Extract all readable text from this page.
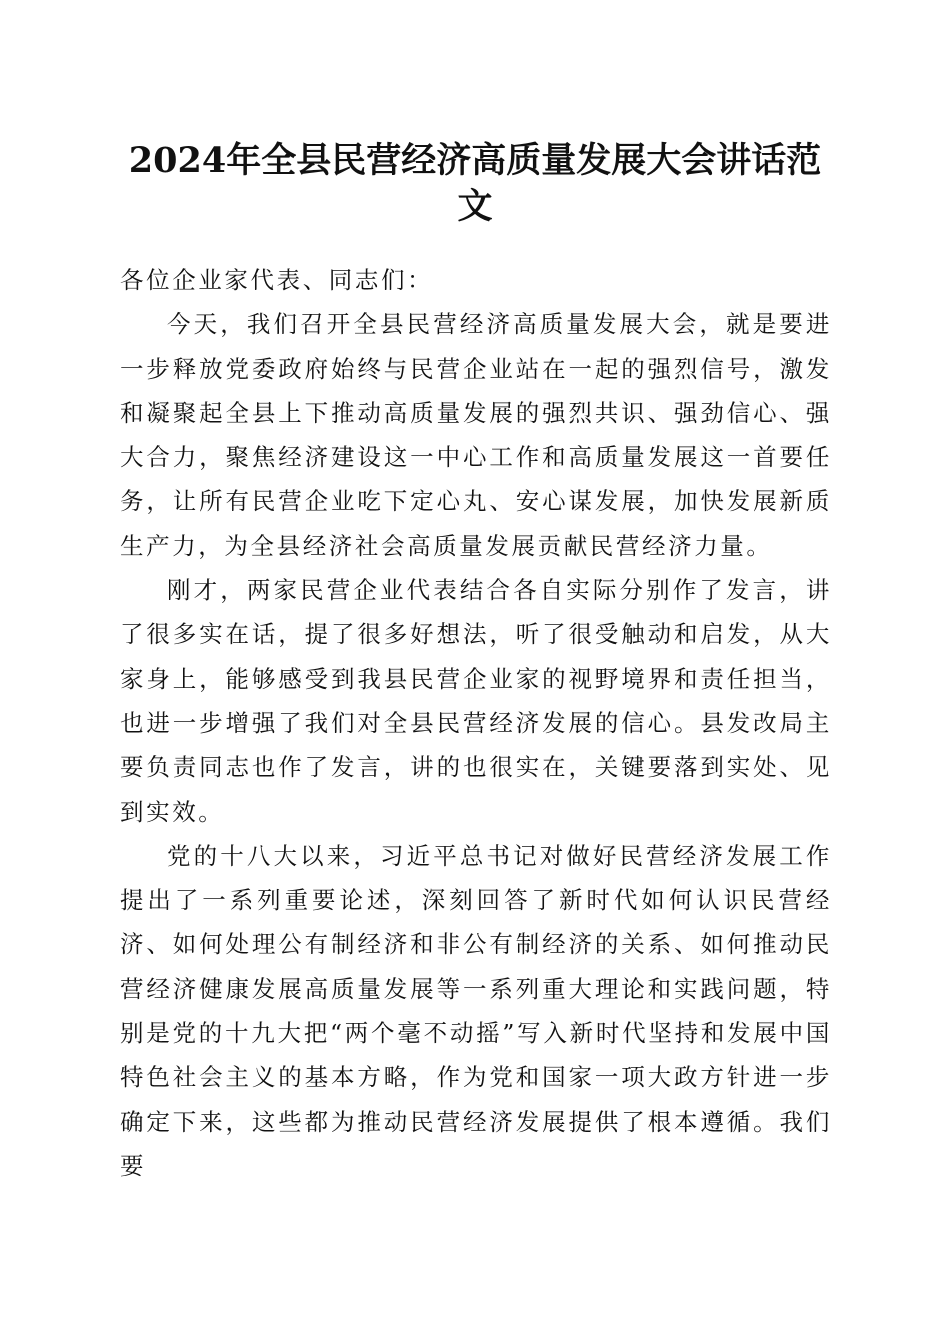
2024年全县民营经济高质量发展大会讲话范文

各位企业家代表、同志们：

今天，我们召开全县民营经济高质量发展大会，就是要进一步释放党委政府始终与民营企业站在一起的强烈信号，激发和凝聚起全县上下推动高质量发展的强烈共识、强劲信心、强大合力，聚焦经济建设这一中心工作和高质量发展这一首要任务，让所有民营企业吃下定心丸、安心谋发展，加快发展新质生产力，为全县经济社会高质量发展贡献民营经济力量。

刚才，两家民营企业代表结合各自实际分别作了发言，讲了很多实在话，提了很多好想法，听了很受触动和启发，从大家身上，能够感受到我县民营企业家的视野境界和责任担当，也进一步增强了我们对全县民营经济发展的信心。县发改局主要负责同志也作了发言，讲的也很实在，关键要落到实处、见到实效。

党的十八大以来，习近平总书记对做好民营经济发展工作提出了一系列重要论述，深刻回答了新时代如何认识民营经济、如何处理公有制经济和非公有制经济的关系、如何推动民营经济健康发展高质量发展等一系列重大理论和实践问题，特别是党的十九大把“两个毫不动摇”写入新时代坚持和发展中国特色社会主义的基本方略，作为党和国家一项大政方针进一步确定下来，这些都为推动民营经济发展提供了根本遵循。我们要
